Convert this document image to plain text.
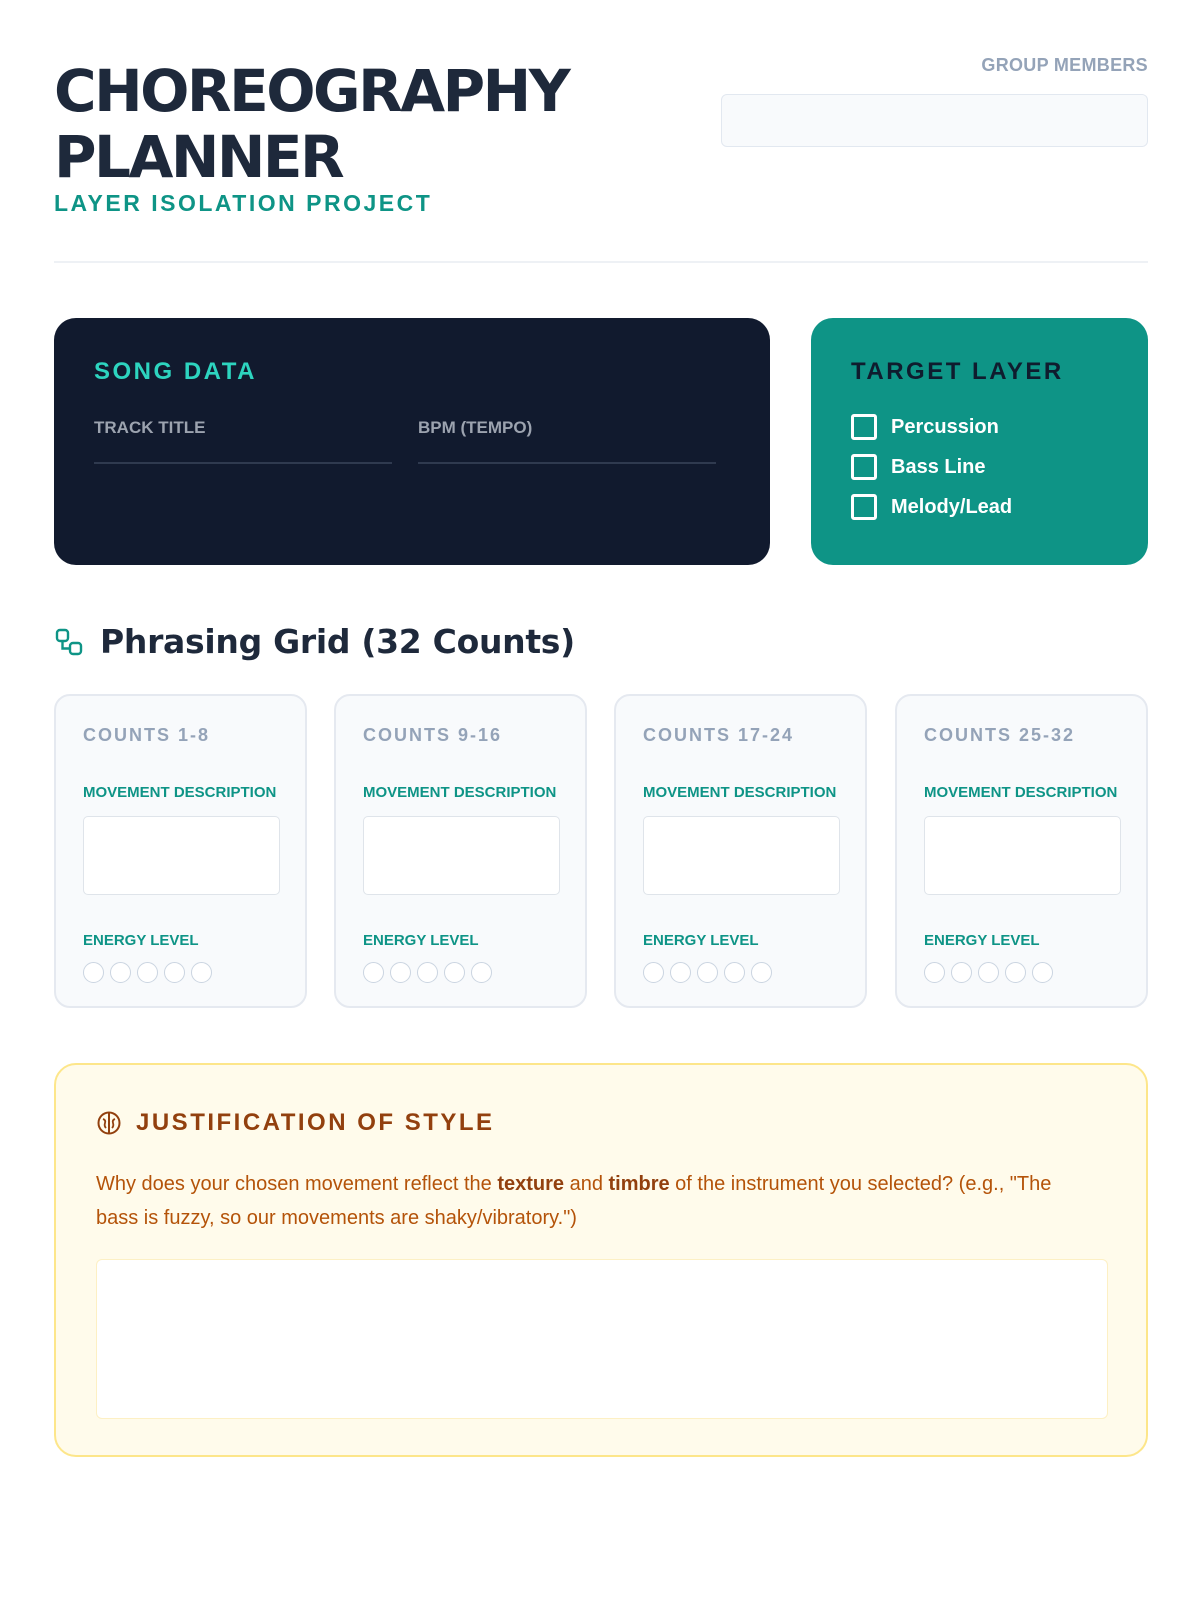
CHOREOGRAPHY PLANNER
LAYER ISOLATION PROJECT
GROUP MEMBERS
SONG DATA
TRACK TITLE	BPM (TEMPO)
TARGET LAYER
Percussion
Bass Line
Melody/Lead
Phrasing Grid (32 Counts)
COUNTS 1-8
MOVEMENT DESCRIPTION
ENERGY LEVEL
COUNTS 9-16
MOVEMENT DESCRIPTION
ENERGY LEVEL
COUNTS 17-24
MOVEMENT DESCRIPTION
ENERGY LEVEL
COUNTS 25-32
MOVEMENT DESCRIPTION
ENERGY LEVEL
JUSTIFICATION OF STYLE
Why does your chosen movement reflect the texture and timbre of the instrument you selected? (e.g., "The bass is fuzzy, so our movements are shaky/vibratory.")
